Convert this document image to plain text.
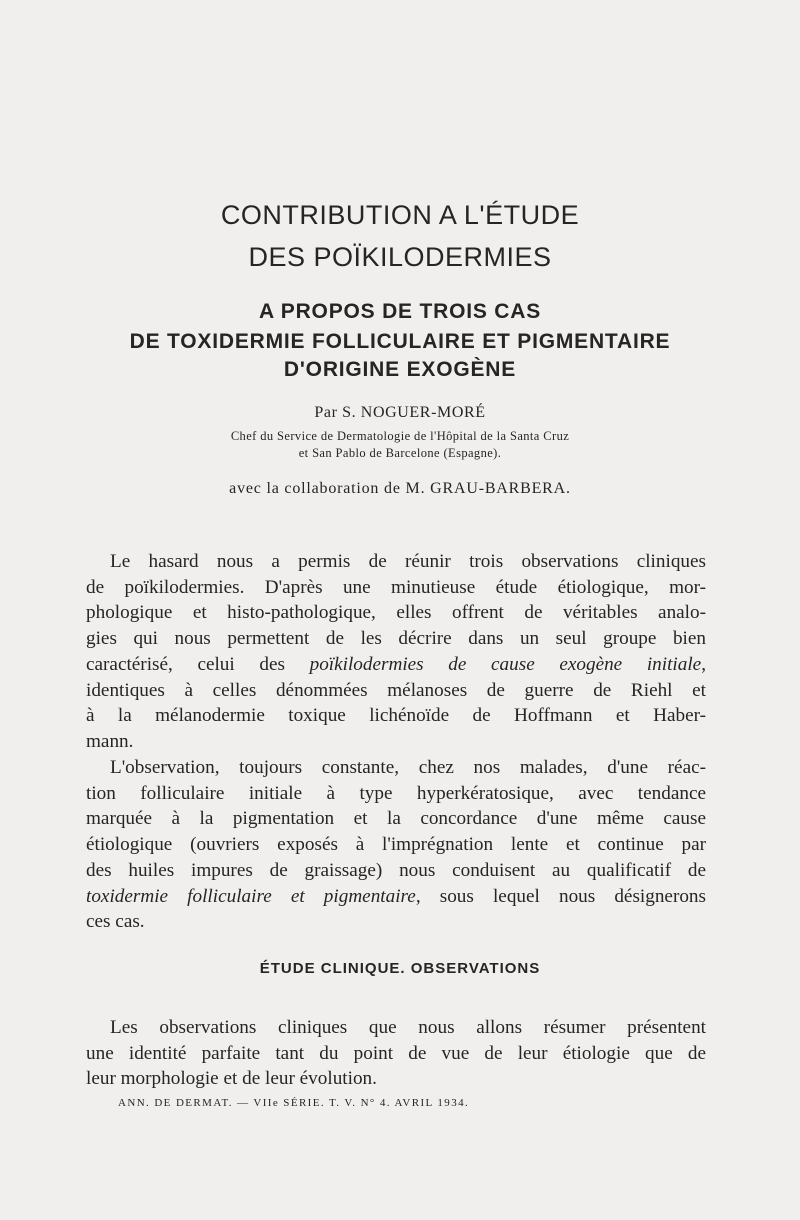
CONTRIBUTION A L'ÉTUDE
DES POÏKILODERMIES
A PROPOS DE TROIS CAS
DE TOXIDERMIE FOLLICULAIRE ET PIGMENTAIRE
D'ORIGINE EXOGÈNE
Par S. NOGUER-MORÉ
Chef du Service de Dermatologie de l'Hôpital de la Santa Cruz
et San Pablo de Barcelone (Espagne).
avec la collaboration de M. GRAU-BARBERA.
Le hasard nous a permis de réunir trois observations cliniques
de poïkilodermies. D'après une minutieuse étude étiologique, mor-
phologique et histo-pathologique, elles offrent de véritables analo-
gies qui nous permettent de les décrire dans un seul groupe bien
caractérisé, celui des poïkilodermies de cause exogène initiale,
identiques à celles dénommées mélanoses de guerre de Riehl et
à la mélanodermie toxique lichénoïde de Hoffmann et Haber-
mann.
L'observation, toujours constante, chez nos malades, d'une réac-
tion folliculaire initiale à type hyperkératosique, avec tendance
marquée à la pigmentation et la concordance d'une même cause
étiologique (ouvriers exposés à l'imprégnation lente et continue par
des huiles impures de graissage) nous conduisent au qualificatif de
toxidermie folliculaire et pigmentaire, sous lequel nous désignerons
ces cas.
ÉTUDE CLINIQUE. OBSERVATIONS
Les observations cliniques que nous allons résumer présentent
une identité parfaite tant du point de vue de leur étiologie que de
leur morphologie et de leur évolution.
ANN. DE DERMAT. — VIIe SÉRIE. T. V. N° 4. AVRIL 1934.
